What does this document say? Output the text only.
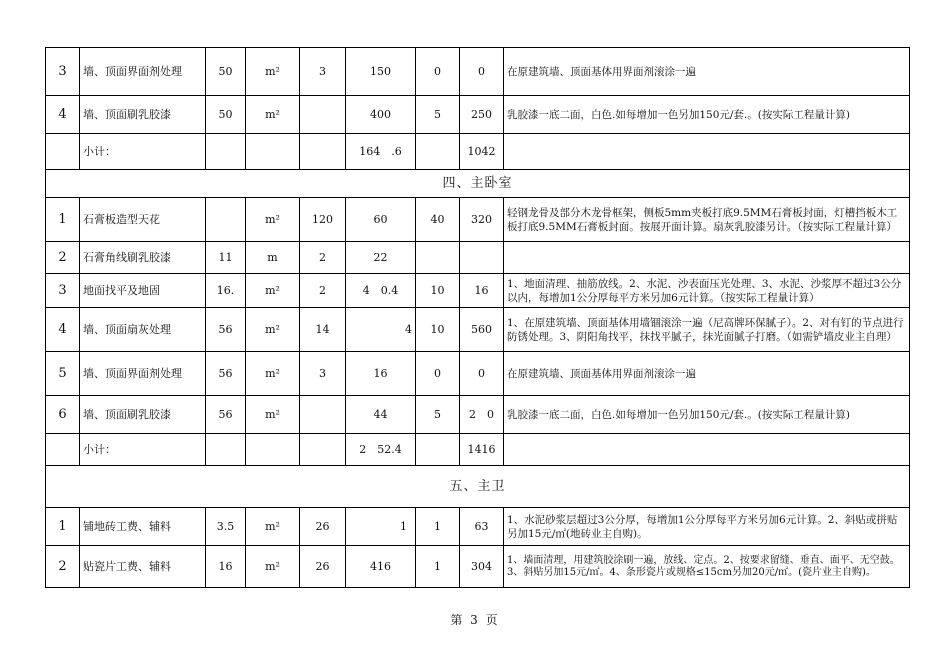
3	墙、顶面界面剂处理	50	m²	3	150	0	0	在原建筑墙、顶面基体用界面剂滚涂一遍
4	墙、顶面刷乳胶漆	50	m²		400	5	250	乳胶漆一底二面，白色.如每增加一色另加150元/套.。(按实际工程量计算)
	小计：				164　.6		1042	
四、主卧室								
1	石膏板造型天花		m²	120	60	40	320	轻钢龙骨及部分木龙骨框架，侧板5mm夹板打底9.5MM石膏板封面，灯槽挡板木工板打底9.5MM石膏板封面。按展开面计算。扇灰乳胶漆另计。（按实际工程量计算）
2	石膏角线刷乳胶漆	11	m	2	22			
3	地面找平及地固	16.	m²	2	4　0.4	10	16	1、地面清理、抽筋放线。2、水泥、沙表面压光处理、3、水泥、沙浆厚不超过3公分以内，每增加1公分厚每平方米另加6元计算。（按实际工程量计算）
4	墙、顶面扇灰处理	56	m²	14	4	10	560	1、在原建筑墙、顶面基体用墙锢滚涂一遍（尼高牌环保腻子）。2、对有钉的节点进行防锈处理。3、阴阳角找平，抹找平腻子，抹光面腻子打磨。（如需铲墙皮业主自理）
5	墙、顶面界面剂处理	56	m²	3	16	0	0	在原建筑墙、顶面基体用界面剂滚涂一遍
6	墙、顶面刷乳胶漆	56	m²		44	5	2　0	乳胶漆一底二面，白色.如每增加一色另加150元/套.。(按实际工程量计算)
	小计：				2　52.4		1416	
五、主卫								
1	铺地砖工费、辅料	3.5	m²	26	1	1	63	1、水泥砂浆层超过3公分厚，每增加1公分厚每平方米另加6元计算。2、斜贴或拼贴另加15元/㎡(地砖业主自购)。
2	贴瓷片工费、辅料	16	m²	26	416	1	304	1、墙面清理，用建筑胶涂刷一遍，放线、定点。2、按要求留缝、垂直、面平、无空鼓。3、斜贴另加15元/㎡。4、条形瓷片或规格≤15cm另加20元/㎡。(瓷片业主自购)。
第 3 页
